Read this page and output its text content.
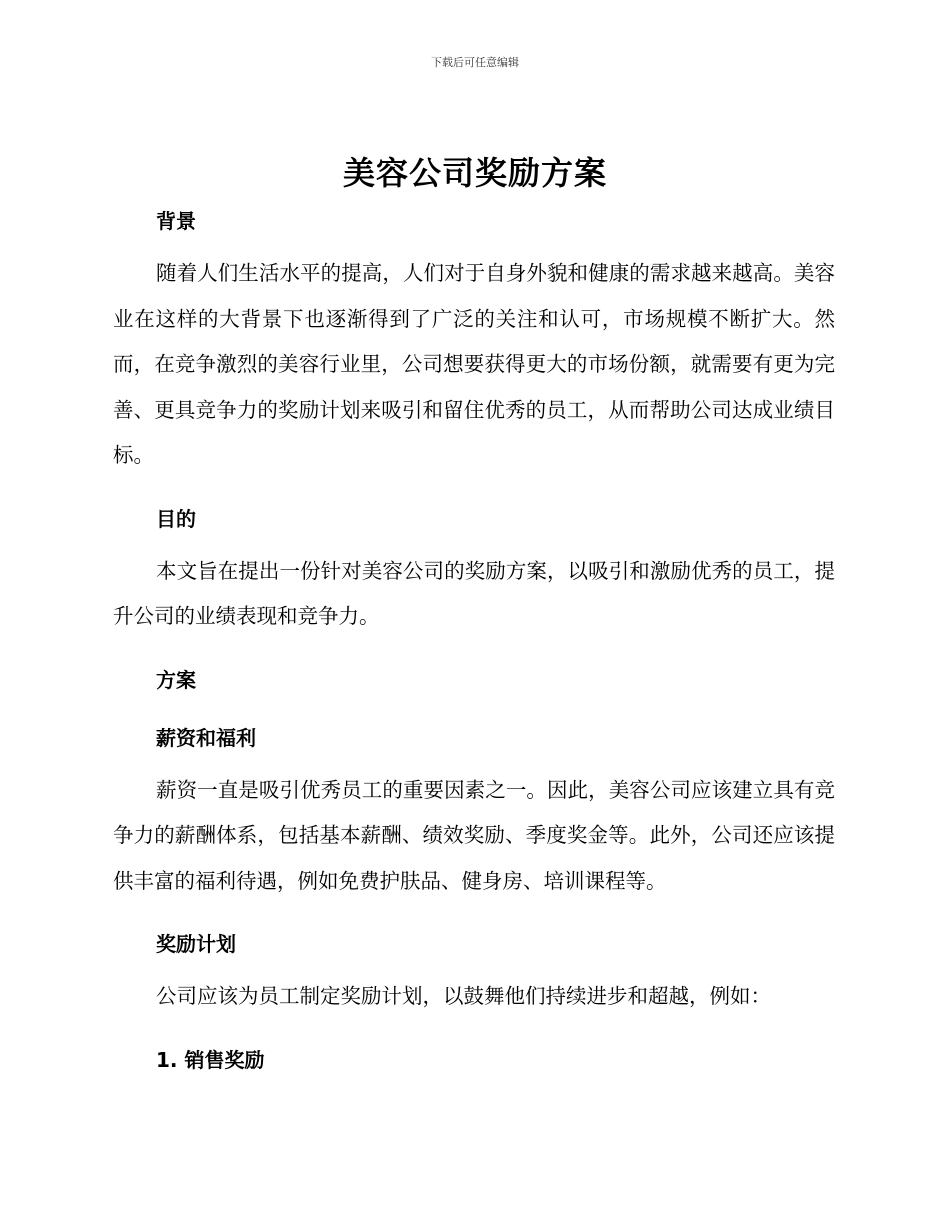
下载后可任意编辑
美容公司奖励方案

背景

随着人们生活水平的提高，人们对于自身外貌和健康的需求越来越高。美容业在这样的大背景下也逐渐得到了广泛的关注和认可，市场规模不断扩大。然而，在竞争激烈的美容行业里，公司想要获得更大的市场份额，就需要有更为完善、更具竞争力的奖励计划来吸引和留住优秀的员工，从而帮助公司达成业绩目标。

目的

本文旨在提出一份针对美容公司的奖励方案，以吸引和激励优秀的员工，提升公司的业绩表现和竞争力。

方案

薪资和福利

薪资一直是吸引优秀员工的重要因素之一。因此，美容公司应该建立具有竞争力的薪酬体系，包括基本薪酬、绩效奖励、季度奖金等。此外，公司还应该提供丰富的福利待遇，例如免费护肤品、健身房、培训课程等。

奖励计划

公司应该为员工制定奖励计划，以鼓舞他们持续进步和超越，例如：

1. 销售奖励
